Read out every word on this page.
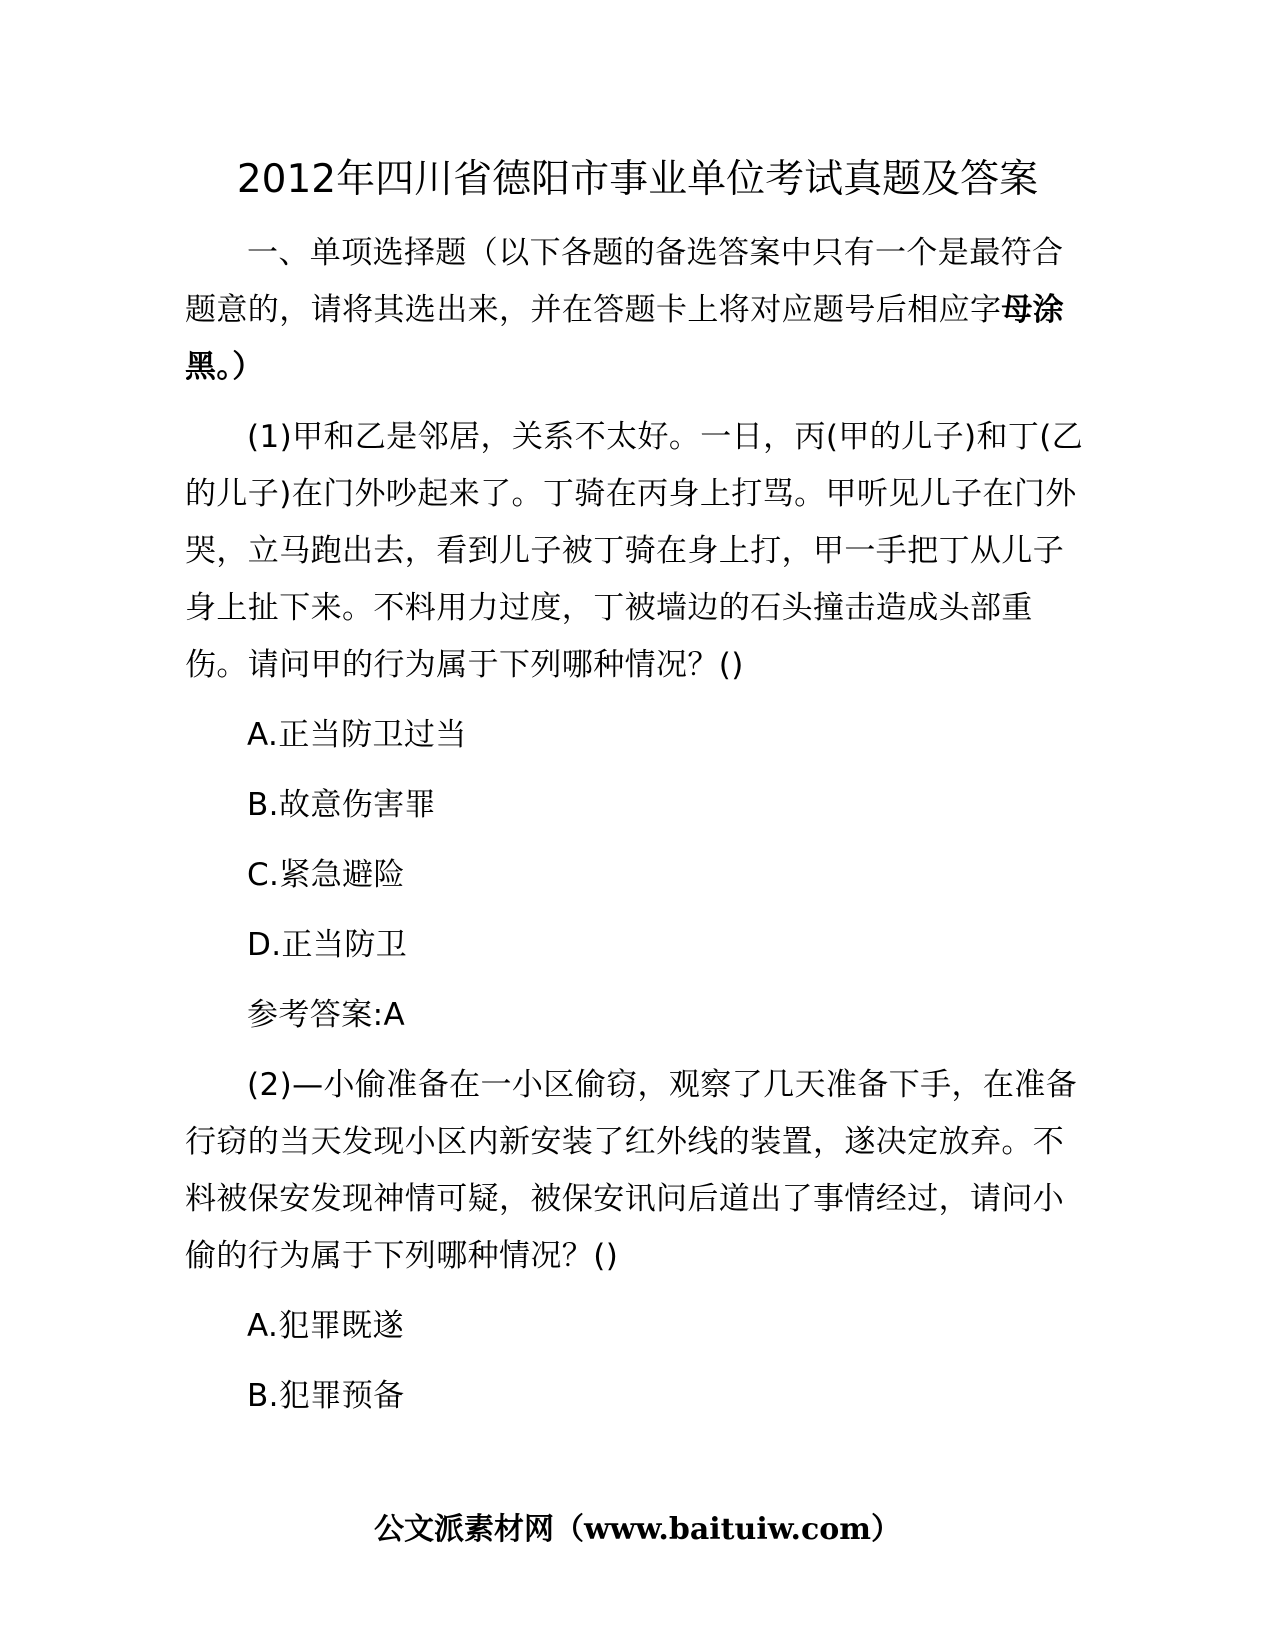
2012年四川省德阳市事业单位考试真题及答案

一、单项选择题（以下各题的备选答案中只有一个是最符合题意的，请将其选出来，并在答题卡上将对应题号后相应字母涂黑。）

(1)甲和乙是邻居，关系不太好。一日，丙(甲的儿子)和丁(乙的儿子)在门外吵起来了。丁骑在丙身上打骂。甲听见儿子在门外哭，立马跑出去，看到儿子被丁骑在身上打，甲一手把丁从儿子身上扯下来。不料用力过度，丁被墙边的石头撞击造成头部重伤。请问甲的行为属于下列哪种情况？()

A.正当防卫过当

B.故意伤害罪

C.紧急避险

D.正当防卫

参考答案:A

(2)—小偷准备在一小区偷窃，观察了几天准备下手，在准备行窃的当天发现小区内新安装了红外线的装置，遂决定放弃。不料被保安发现神情可疑，被保安讯问后道出了事情经过，请问小偷的行为属于下列哪种情况？()

A.犯罪既遂

B.犯罪预备

公文派素材网（www.baituiw.com）
